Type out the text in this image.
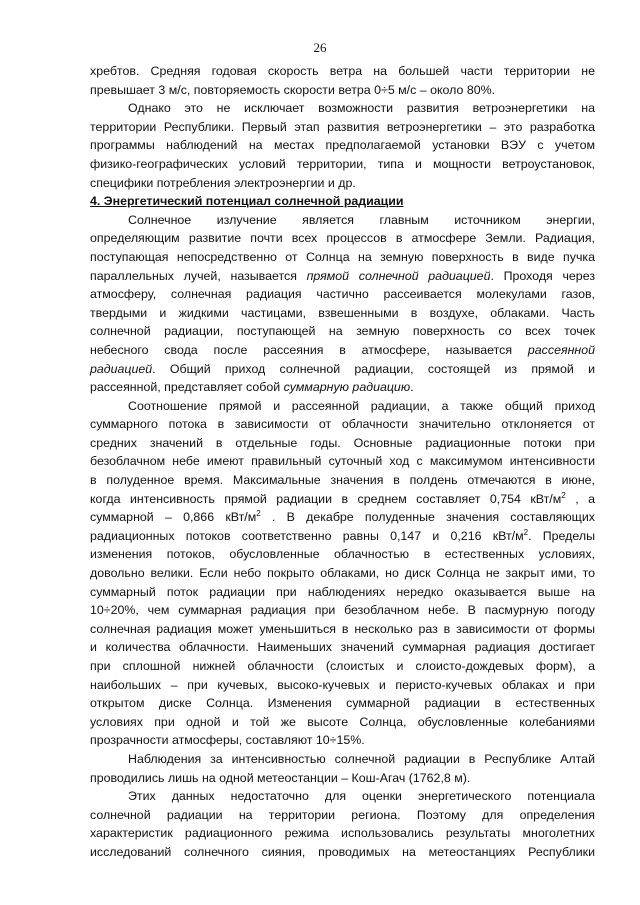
26
хребтов. Средняя годовая скорость ветра на большей части территории не
превышает 3 м/с, повторяемость скорости ветра 0÷5 м/с – около 80%.
Однако это не исключает возможности развития ветроэнергетики на
территории Республики. Первый этап развития ветроэнергетики – это разработка
программы наблюдений на местах предполагаемой установки ВЭУ с учетом
физико-географических условий территории, типа и мощности ветроустановок,
специфики потребления электроэнергии и др.
4. Энергетический потенциал солнечной радиации
Солнечное излучение является главным источником энергии,
определяющим развитие почти всех процессов в атмосфере Земли. Радиация,
поступающая непосредственно от Солнца на земную поверхность в виде пучка
параллельных лучей, называется прямой солнечной радиацией. Проходя через
атмосферу, солнечная радиация частично рассеивается молекулами газов,
твердыми и жидкими частицами, взвешенными в воздухе, облаками. Часть
солнечной радиации, поступающей на земную поверхность со всех точек
небесного свода после рассеяния в атмосфере, называется рассеянной
радиацией. Общий приход солнечной радиации, состоящей из прямой и
рассеянной, представляет собой суммарную радиацию.
Соотношение прямой и рассеянной радиации, а также общий приход
суммарного потока в зависимости от облачности значительно отклоняется от
средних значений в отдельные годы. Основные радиационные потоки при
безоблачном небе имеют правильный суточный ход с максимумом интенсивности
в полуденное время. Максимальные значения в полдень отмечаются в июне,
когда интенсивность прямой радиации в среднем составляет 0,754 кВт/$м^2$ , а
суммарной – 0,866 кВт/$м^2$ . В декабре полуденные значения составляющих
радиационных потоков соответственно равны 0,147 и 0,216 кВт/$м^2$. Пределы
изменения потоков, обусловленные облачностью в естественных условиях,
довольно велики. Если небо покрыто облаками, но диск Солнца не закрыт ими, то
суммарный поток радиации при наблюдениях нередко оказывается выше на
10÷20%, чем суммарная радиация при безоблачном небе. В пасмурную погоду
солнечная радиация может уменьшиться в несколько раз в зависимости от формы
и количества облачности. Наименьших значений суммарная радиация достигает
при сплошной нижней облачности (слоистых и слоисто-дождевых форм), а
наибольших – при кучевых, высоко-кучевых и перисто-кучевых облаках и при
открытом диске Солнца. Изменения суммарной радиации в естественных
условиях при одной и той же высоте Солнца, обусловленные колебаниями
прозрачности атмосферы, составляют 10÷15%.
Наблюдения за интенсивностью солнечной радиации в Республике Алтай
проводились лишь на одной метеостанции – Кош-Агач (1762,8 м).
Этих данных недостаточно для оценки энергетического потенциала
солнечной радиации на территории региона. Поэтому для определения
характеристик радиационного режима использовались результаты многолетних
исследований солнечного сияния, проводимых на метеостанциях Республики
